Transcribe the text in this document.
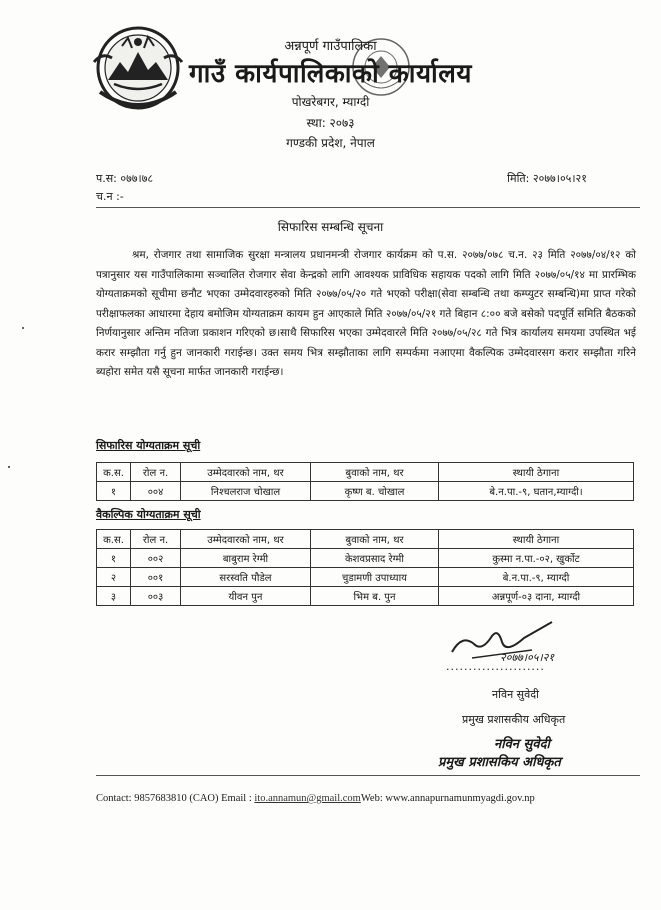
अन्नपूर्ण गाउँपालिका
गाउँ कार्यपालिकाको कार्यालय
पोखरेबगर, म्याग्दी
स्था: २०७३
गण्डकी प्रदेश, नेपाल
प.स: ०७७।७८
च.न :-
मिति: २०७७।०५।२१
सिफारिस सम्बन्धि सूचना
श्रम, रोजगार तथा सामाजिक सुरक्षा मन्त्रालय प्रधानमन्त्री रोजगार कार्यक्रम को प.स. २०७७/०७८ च.न. २३ मिति २०७७/०४/१२ को पत्रानुसार यस गाउँपालिकामा सञ्चालित रोजगार सेवा केन्द्रको लागि आवश्यक प्राविधिक सहायक पदको लागि मिति २०७७/०५/१४ मा प्रारम्भिक योग्यताक्रमको सूचीमा छनौट भएका उम्मेदवारहरुको मिति २०७७/०५/२० गते भएको परीक्षा(सेवा सम्बन्धि तथा कम्प्युटर सम्बन्धि)मा प्राप्त गरेको परीक्षाफलका आधारमा देहाय बमोजिम योग्यताक्रम कायम हुन आएकाले मिति २०७७/०५/२१ गते बिहान ८:०० बजे बसेको पदपूर्ति समिति बैठकको निर्णयानुसार अन्तिम नतिजा प्रकाशन गरिएको छ।साथै सिफारिस भएका उम्मेदवारले मिति २०७७/०५/२८ गते भित्र कार्यालय समयमा उपस्थित भई करार सम्झौता गर्नु हुन जानकारी गराईन्छ। उक्त समय भित्र सम्झौताका लागि सम्पर्कमा नआएमा वैकल्पिक उम्मेदवारसग करार सम्झौता गरिने ब्यहोरा समेत यसै सूचना मार्फत जानकारी गराईन्छ।
सिफारिस योग्यताक्रम सूची
क.स.	रोल न.	उम्मेदवारको नाम, थर	बुवाको नाम, थर	स्थायी ठेगाना
१	००४	निश्चलराज चोखाल	कृष्ण ब. चोखाल	बे.न.पा.-९, घतान,म्याग्दी।
वैकल्पिक योग्यताक्रम सूची
क.स.	रोल न.	उम्मेदवारको नाम, थर	बुवाको नाम, थर	स्थायी ठेगाना
१	००२	बाबुराम रेग्मी	केशवप्रसाद रेग्मी	कुस्मा न.पा.-०२, खुर्कोट
२	००१	सरस्वति पौडेल	चुडामणी उपाध्याय	बे.न.पा.-९, म्याग्दी
३	००३	यीवन पुन	भिम ब. पुन	अन्नपूर्ण-०३ दाना, म्याग्दी
२०७७।०५।२१
......................
नविन सुवेदी
प्रमुख प्रशासकीय अधिकृत
नविन सुवेदी
प्रमुख प्रशासकिय अधिकृत
Contact: 9857683810 (CAO) Email : ito.annamun@gmail.comWeb: www.annapurnamunmyagdi.gov.np
